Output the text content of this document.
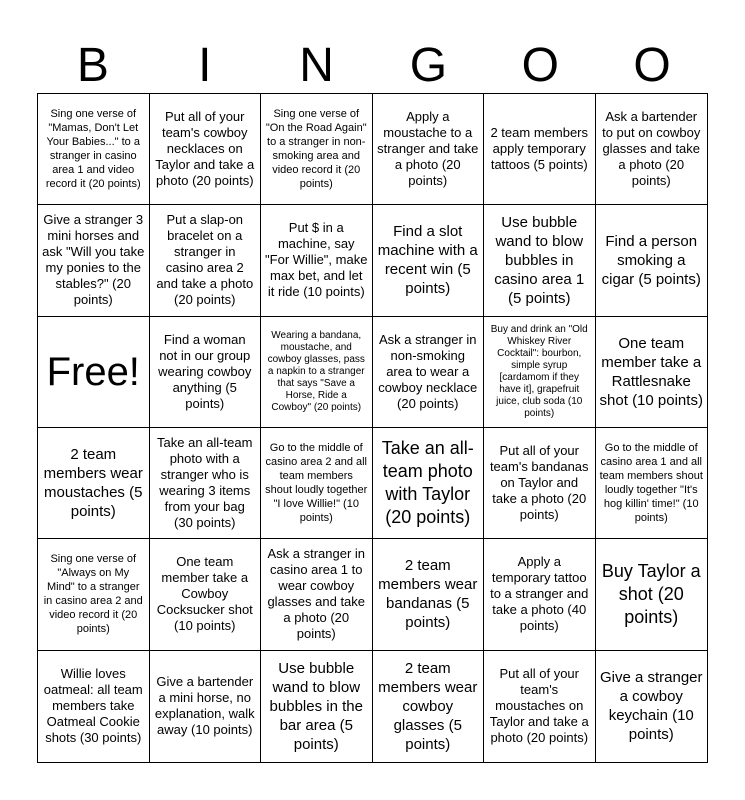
B	I	N	G	O	O
Sing one verse of "Mamas, Don't Let Your Babies..." to a stranger in casino area 1 and video record it (20 points)
Put all of your team's cowboy necklaces on Taylor and take a photo (20 points)
Sing one verse of "On the Road Again" to a stranger in non-smoking area and video record it (20 points)
Apply a moustache to a stranger and take a photo (20 points)
2 team members apply temporary tattoos (5 points)
Ask a bartender to put on cowboy glasses and take a photo (20 points)
Give a stranger 3 mini horses and ask "Will you take my ponies to the stables?" (20 points)
Put a slap-on bracelet on a stranger in casino area 2 and take a photo (20 points)
Put $ in a machine, say "For Willie", make max bet, and let it ride (10 points)
Find a slot machine with a recent win (5 points)
Use bubble wand to blow bubbles in casino area 1 (5 points)
Find a person smoking a cigar (5 points)
Free!
Find a woman not in our group wearing cowboy anything (5 points)
Wearing a bandana, moustache, and cowboy glasses, pass a napkin to a stranger that says "Save a Horse, Ride a Cowboy" (20 points)
Ask a stranger in non-smoking area to wear a cowboy necklace (20 points)
Buy and drink an "Old Whiskey River Cocktail": bourbon, simple syrup [cardamom if they have it], grapefruit juice, club soda (10 points)
One team member take a Rattlesnake shot (10 points)
2 team members wear moustaches (5 points)
Take an all-team photo with a stranger who is wearing 3 items from your bag (30 points)
Go to the middle of casino area 2 and all team members shout loudly together "I love Willie!" (10 points)
Take an all-team photo with Taylor (20 points)
Put all of your team's bandanas on Taylor and take a photo (20 points)
Go to the middle of casino area 1 and all team members shout loudly together "It's hog killin' time!" (10 points)
Sing one verse of "Always on My Mind" to a stranger in casino area 2 and video record it (20 points)
One team member take a Cowboy Cocksucker shot (10 points)
Ask a stranger in casino area 1 to wear cowboy glasses and take a photo (20 points)
2 team members wear bandanas (5 points)
Apply a temporary tattoo to a stranger and take a photo (40 points)
Buy Taylor a shot (20 points)
Willie loves oatmeal: all team members take Oatmeal Cookie shots (30 points)
Give a bartender a mini horse, no explanation, walk away (10 points)
Use bubble wand to blow bubbles in the bar area (5 points)
2 team members wear cowboy glasses (5 points)
Put all of your team's moustaches on Taylor and take a photo (20 points)
Give a stranger a cowboy keychain (10 points)
